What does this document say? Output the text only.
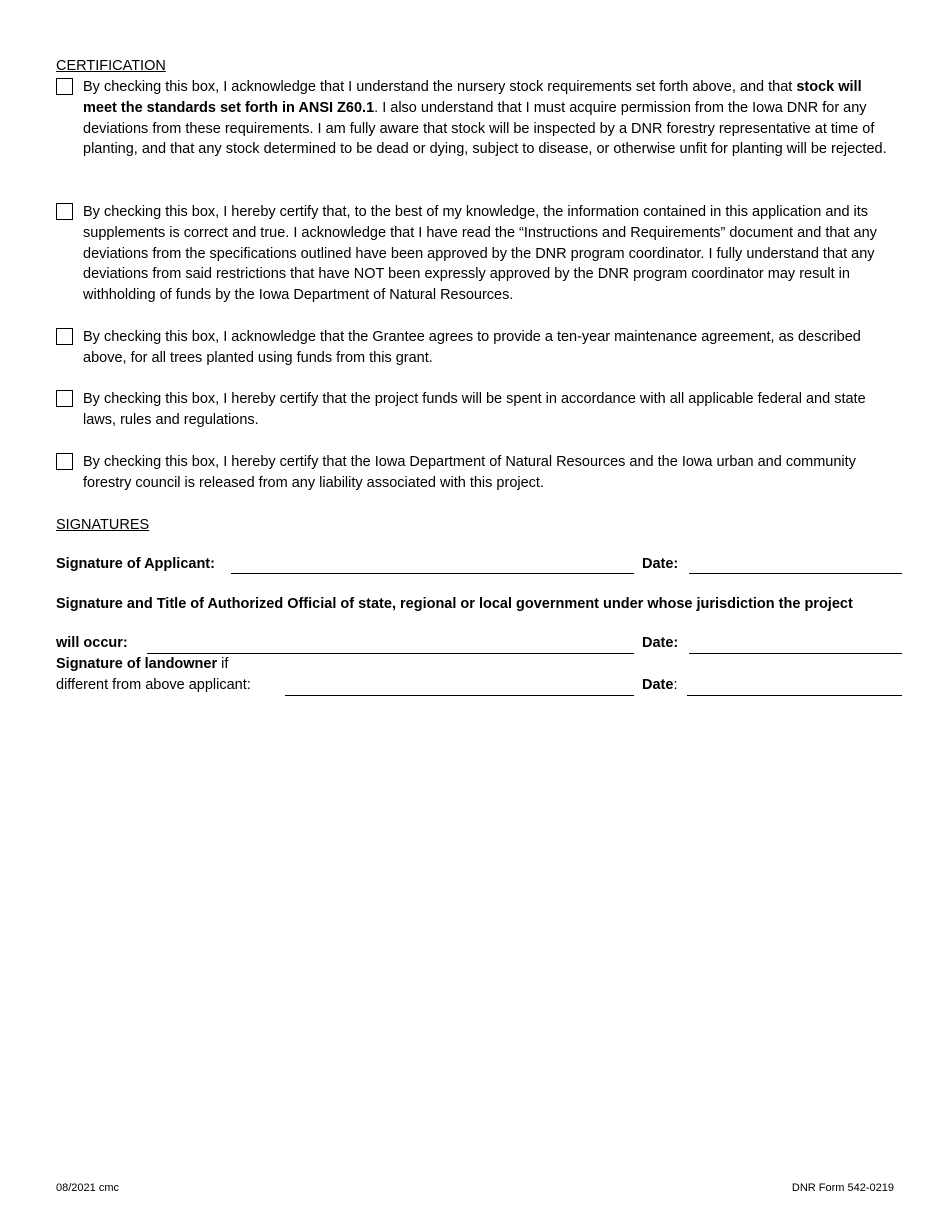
CERTIFICATION
By checking this box, I acknowledge that I understand the nursery stock requirements set forth above, and that stock will meet the standards set forth in ANSI Z60.1. I also understand that I must acquire permission from the Iowa DNR for any deviations from these requirements. I am fully aware that stock will be inspected by a DNR forestry representative at time of planting, and that any stock determined to be dead or dying, subject to disease, or otherwise unfit for planting will be rejected.
By checking this box, I hereby certify that, to the best of my knowledge, the information contained in this application and its supplements is correct and true. I acknowledge that I have read the “Instructions and Requirements” document and that any deviations from the specifications outlined have been approved by the DNR program coordinator. I fully understand that any deviations from said restrictions that have NOT been expressly approved by the DNR program coordinator may result in withholding of funds by the Iowa Department of Natural Resources.
By checking this box, I acknowledge that the Grantee agrees to provide a ten-year maintenance agreement, as described above, for all trees planted using funds from this grant.
By checking this box, I hereby certify that the project funds will be spent in accordance with all applicable federal and state laws, rules and regulations.
By checking this box, I hereby certify that the Iowa Department of Natural Resources and the Iowa urban and community forestry council is released from any liability associated with this project.
SIGNATURES
Signature of Applicant:	Date:
Signature and Title of Authorized Official of state, regional or local government under whose jurisdiction the project
will occur:	Date:
Signature of landowner if
different from above applicant:	Date:
08/2021 cmc	DNR Form 542-0219
